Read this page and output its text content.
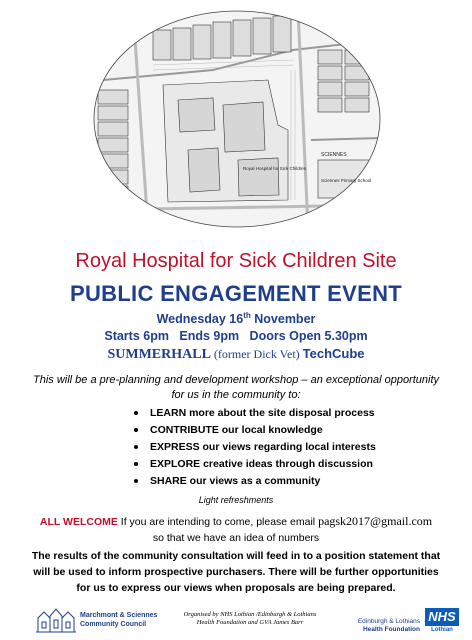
Royal Hospital for Sick Children
Sciennes Primary School
SCIENNES
Royal Hospital for Sick Children Site
PUBLIC ENGAGEMENT EVENT
Wednesday 16th November
Starts 6pm   Ends 9pm   Doors Open 5.30pm
SUMMERHALL (former Dick Vet) TechCube
This will be a pre-planning and development workshop – an exceptional opportunity for us in the community to:
LEARN more about the site disposal process
CONTRIBUTE our local knowledge
EXPRESS our views regarding local interests
EXPLORE creative ideas through discussion
SHARE our views as a community
Light refreshments
ALL WELCOME If you are intending to come, please email pagsk2017@gmail.com
so that we have an idea of numbers
The results of the community consultation will feed in to a position statement that will be used to inform prospective purchasers. There will be further opportunities for us to express our views when proposals are being prepared.
Marchmont & Sciennes
Community Council
Organised by NHS Lothian /Edinburgh & Lothians
Health Foundation and GVA James Barr	Edinburgh & Lothians
Health Foundation
NHS
Lothian
